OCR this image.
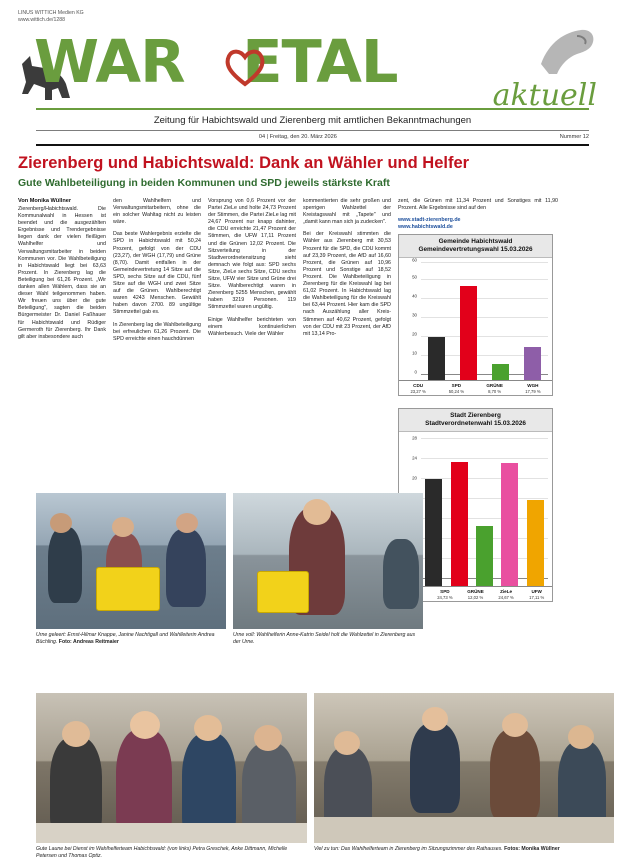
LINUS WITTICH Medien KG
www.wittich.de/1288
WAR ETAL	aktuell
Zeitung für Habichtswald und Zierenberg mit amtlichen Bekanntmachungen
04 | Freitag, den 20. März 2026	Nummer 12
Zierenberg und Habichtswald: Dank an Wähler und Helfer
Gute Wahlbeteiligung in beiden Kommunen und SPD jeweils stärkste Kraft
Von Monika Wüllner

Zierenberg/Habichtswald. Die Kommunalwahl in Hessen ist beendet und die ausgezählten Ergebnisse und Trendergebnisse liegen dank der vielen fleißigen Wahlhelfer und Verwaltungsmitarbeiter in beiden Kommunen vor. Die Wahlbeteiligung in Habichtswald liegt bei 63,63 Prozent. In Zierenberg lag die Beteiligung bei 61,26 Prozent. „Wir danken allen Wählern, dass sie an dieser Wahl teilgenommen haben. Wir freuen uns über die gute Beteiligung", sagten die beiden Bürgermeister Dr. Daniel Faßhauer für Habichtswald und Rüdiger Germeroth für Zierenberg. Ihr Dank gilt aber insbesondere auch

den Wahlhelfern und Verwaltungsmitarbeitern, ohne die ein solcher Wahltag nicht zu leisten wäre.

Das beste Wahlergebnis erzielte die SPD in Habichtswald mit 50,24 Prozent, gefolgt von der CDU (23,27), der WGH (17,79) und Grüne (8,70). Damit entfallen in der Gemeindevertretung 14 Sitze auf die SPD, sechs Sitze auf die CDU, fünf Sitze auf die WGH und zwei Sitze auf die Grünen. Wahlberechtigt waren 4243 Menschen. Gewählt haben davon 2700. 89 ungültige Stimmzettel gab es.

In Zierenberg lag die Wahlbeteiligung bei erfreulichen 61,26 Prozent. Die SPD erreichte einen hauchdünnen

Vorsprung von 0,6 Prozent vor der Partei ZieLe und holte 24,73 Prozent der Stimmen, die Partei ZieLe lag mit 24,67 Prozent nur knapp dahinter, die CDU erreichte 21,47 Prozent der Stimmen, die UFW 17,11 Prozent und die Grünen 12,02 Prozent. Die Sitzverteilung in der Stadtverordnetensitzung sieht demnach wie folgt aus: SPD sechs Sitze, ZieLe sechs Sitze, CDU sechs Sitze, UFW vier Sitze und Grüne drei Sitze. Wahlberechtigt waren in Zierenberg 5255 Menschen, gewählt haben 3219 Personen. 119 Stimmzettel waren ungültig.

Einige Wahlhelfer berichteten von einem kontinuierlichen Wählerbesuch. Viele der Wähler

kommentierten die sehr großen und sperrigen Wahlzettel der Kreistagswahl mit „Tapete" und „damit kann man sich ja zudecken".

Bei der Kreiswahl stimmten die Wähler aus Zierenberg mit 30,53 Prozent für die SPD, die CDU kommt auf 23,39 Prozent, die AfD auf 16,60 Prozent, die Grünen auf 10,96 Prozent und Sonstige auf 18,52 Prozent. Die Wahlbeteiligung in Zierenberg für die Kreiswahl lag bei 61,02 Prozent. In Habichtswald lag die Wahlbeteiligung für die Kreiswahl bei 63,44 Prozent. Hier kam die SPD nach Auszählung aller Kreis-Stimmen auf 40,62 Prozent, gefolgt von der CDU mit 23 Prozent, der AfD mit 13,14 Pro-

zent, die Grünen mit 11,34 Prozent und Sonstiges mit 11,90 Prozent. Alle Ergebnisse sind auf den

www.stadt-zierenberg.de
www.habichtswald.de

Gemeinde Habichtswald
Gemeindevertretungswahl 15.03.2026
0
10
20
30
40
50
60
CDU
23,27 %
SPD
50,24 %
GRÜNE
8,70 %
WGH
17,79 %
Stadt Zierenberg
Stadtverordnetenwahl 15.03.2026
20
24
28
SPD
24,73 %
GRÜNE
12,02 %
ZieLe
24,67 %
UFW
17,11 %
Urne geleert: Ernst-Hilmar Knappe, Janine Nachtigall und Wahlleiterin Andrea Büchling. Foto: Andreas Reitmaier
Urne voll: Wahlhelferin Anne-Katrin Seidel holt die Wahlzettel in Zierenberg aus der Urne.
Gute Laune bei Dienst im Wahlhelferteam Habichtswald: (von links) Petra Greschek, Anke Dittmann, Michelle Petersen und Thomas Optiz.
Viel zu tun: Das Wahlhelferteam in Zierenberg im Sitzungszimmer des Rathauses. Fotos: Monika Wüllner
